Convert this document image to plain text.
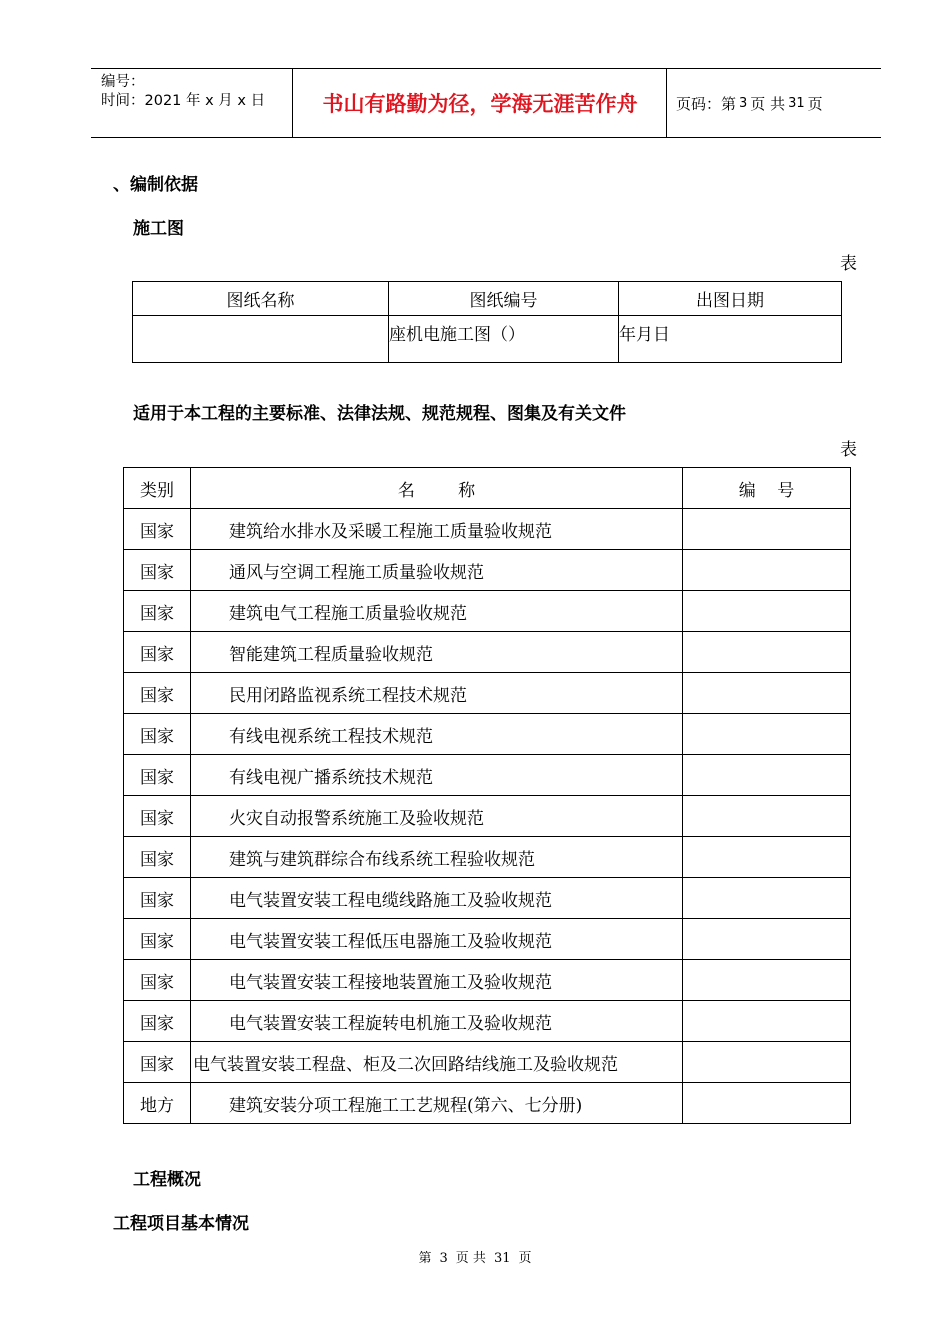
编号：
时间：2021 年 x 月 x 日	书山有路勤为径，学海无涯苦作舟	页码：第 3 页 共 31 页
、编制依据
施工图
表
图纸名称	图纸编号	出图日期
	座机电施工图（）	年月日
适用于本工程的主要标准、法律法规、规范规程、图集及有关文件
表
类别	名        称	编    号
国家	建筑给水排水及采暖工程施工质量验收规范	
国家	通风与空调工程施工质量验收规范	
国家	建筑电气工程施工质量验收规范	
国家	智能建筑工程质量验收规范	
国家	民用闭路监视系统工程技术规范	
国家	有线电视系统工程技术规范	
国家	有线电视广播系统技术规范	
国家	火灾自动报警系统施工及验收规范	
国家	建筑与建筑群综合布线系统工程验收规范	
国家	电气装置安装工程电缆线路施工及验收规范	
国家	电气装置安装工程低压电器施工及验收规范	
国家	电气装置安装工程接地装置施工及验收规范	
国家	电气装置安装工程旋转电机施工及验收规范	
国家	电气装置安装工程盘、柜及二次回路结线施工及验收规范	
地方	建筑安装分项工程施工工艺规程(第六、七分册)	
工程概况
工程项目基本情况
第 3 页 共 31 页
